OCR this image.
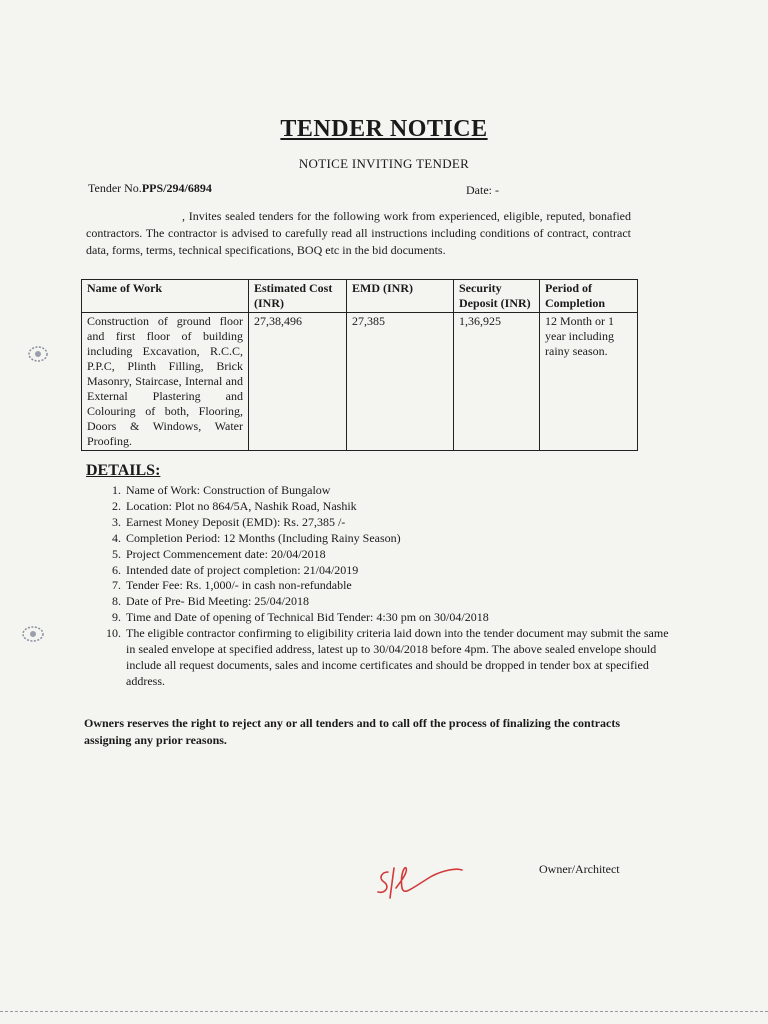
TENDER NOTICE
NOTICE INVITING TENDER
Tender No.PPS/294/6894	Date: -
, Invites sealed tenders for the following work from experienced, eligible, reputed, bonafied contractors. The contractor is advised to carefully read all instructions including conditions of contract, contract data, forms, terms, technical specifications, BOQ etc in the bid documents.
Name of Work	Estimated Cost (INR)	EMD (INR)	Security Deposit (INR)	Period of Completion
Construction of ground floor and first floor of building including Excavation, R.C.C, P.P.C, Plinth Filling, Brick Masonry, Staircase, Internal and External Plastering and Colouring of both, Flooring, Doors & Windows, Water Proofing.	27,38,496	27,385	1,36,925	12 Month or 1 year including rainy season.
DETAILS:
1. Name of Work: Construction of Bungalow
2. Location: Plot no 864/5A, Nashik Road, Nashik
3. Earnest Money Deposit (EMD): Rs. 27,385 /-
4. Completion Period: 12 Months (Including Rainy Season)
5. Project Commencement date: 20/04/2018
6. Intended date of project completion: 21/04/2019
7. Tender Fee: Rs. 1,000/- in cash non-refundable
8. Date of Pre- Bid Meeting: 25/04/2018
9. Time and Date of opening of Technical Bid Tender: 4:30 pm on 30/04/2018
10. The eligible contractor confirming to eligibility criteria laid down into the tender document may submit the same in sealed envelope at specified address, latest up to 30/04/2018 before 4pm. The above sealed envelope should include all request documents, sales and income certificates and should be dropped in tender box at specified address.
Owners reserves the right to reject any or all tenders and to call off the process of finalizing the contracts assigning any prior reasons.
Owner/Architect
